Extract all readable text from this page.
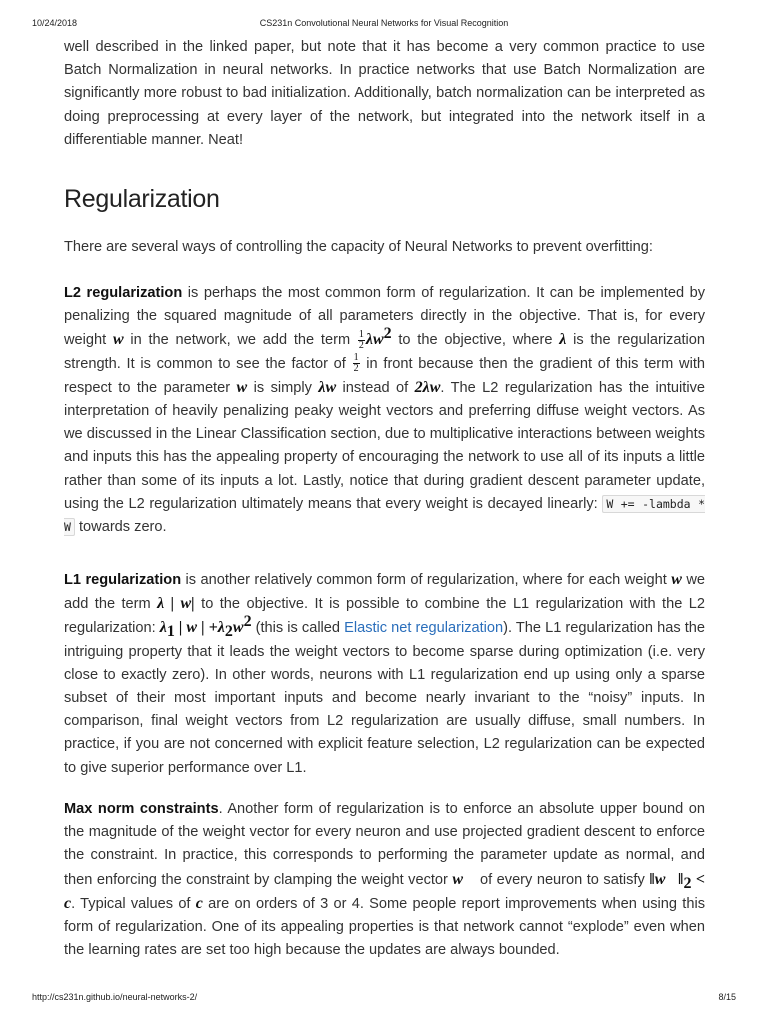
10/24/2018	CS231n Convolutional Neural Networks for Visual Recognition

well described in the linked paper, but note that it has become a very common practice to use Batch Normalization in neural networks. In practice networks that use Batch Normalization are significantly more robust to bad initialization. Additionally, batch normalization can be interpreted as doing preprocessing at every layer of the network, but integrated into the network itself in a differentiable manner. Neat!

Regularization

There are several ways of controlling the capacity of Neural Networks to prevent overfitting:

L2 regularization is perhaps the most common form of regularization. It can be implemented by penalizing the squared magnitude of all parameters directly in the objective. That is, for every weight w in the network, we add the term $\frac{1}{2} \lambda w^2$ to the objective, where λ is the regularization strength. It is common to see the factor of $\frac{1}{2}$ in front because then the gradient of this term with respect to the parameter w is simply λw instead of 2λw. The L2 regularization has the intuitive interpretation of heavily penalizing peaky weight vectors and preferring diffuse weight vectors. As we discussed in the Linear Classification section, due to multiplicative interactions between weights and inputs this has the appealing property of encouraging the network to use all of its inputs a little rather than some of its inputs a lot. Lastly, notice that during gradient descent parameter update, using the L2 regularization ultimately means that every weight is decayed linearly: W += -lambda * W towards zero.

L1 regularization is another relatively common form of regularization, where for each weight w we add the term λ | w| to the objective. It is possible to combine the L1 regularization with the L2 regularization: $\lambda_1$ | w | $+\lambda_2w^2$ (this is called Elastic net regularization). The L1 regularization has the intriguing property that it leads the weight vectors to become sparse during optimization (i.e. very close to exactly zero). In other words, neurons with L1 regularization end up using only a sparse subset of their most important inputs and become nearly invariant to the “noisy” inputs. In comparison, final weight vectors from L2 regularization are usually diffuse, small numbers. In practice, if you are not concerned with explicit feature selection, L2 regularization can be expected to give superior performance over L1.

Max norm constraints. Another form of regularization is to enforce an absolute upper bound on the magnitude of the weight vector for every neuron and use projected gradient descent to enforce the constraint. In practice, this corresponds to performing the parameter update as normal, and then enforcing the constraint by clamping the weight vector w⃗ of every neuron to satisfy $‖w⃗‖_2 < c$. Typical values of c are on orders of 3 or 4. Some people report improvements when using this form of regularization. One of its appealing properties is that network cannot “explode” even when the learning rates are set too high because the updates are always bounded.

http://cs231n.github.io/neural-networks-2/	8/15
